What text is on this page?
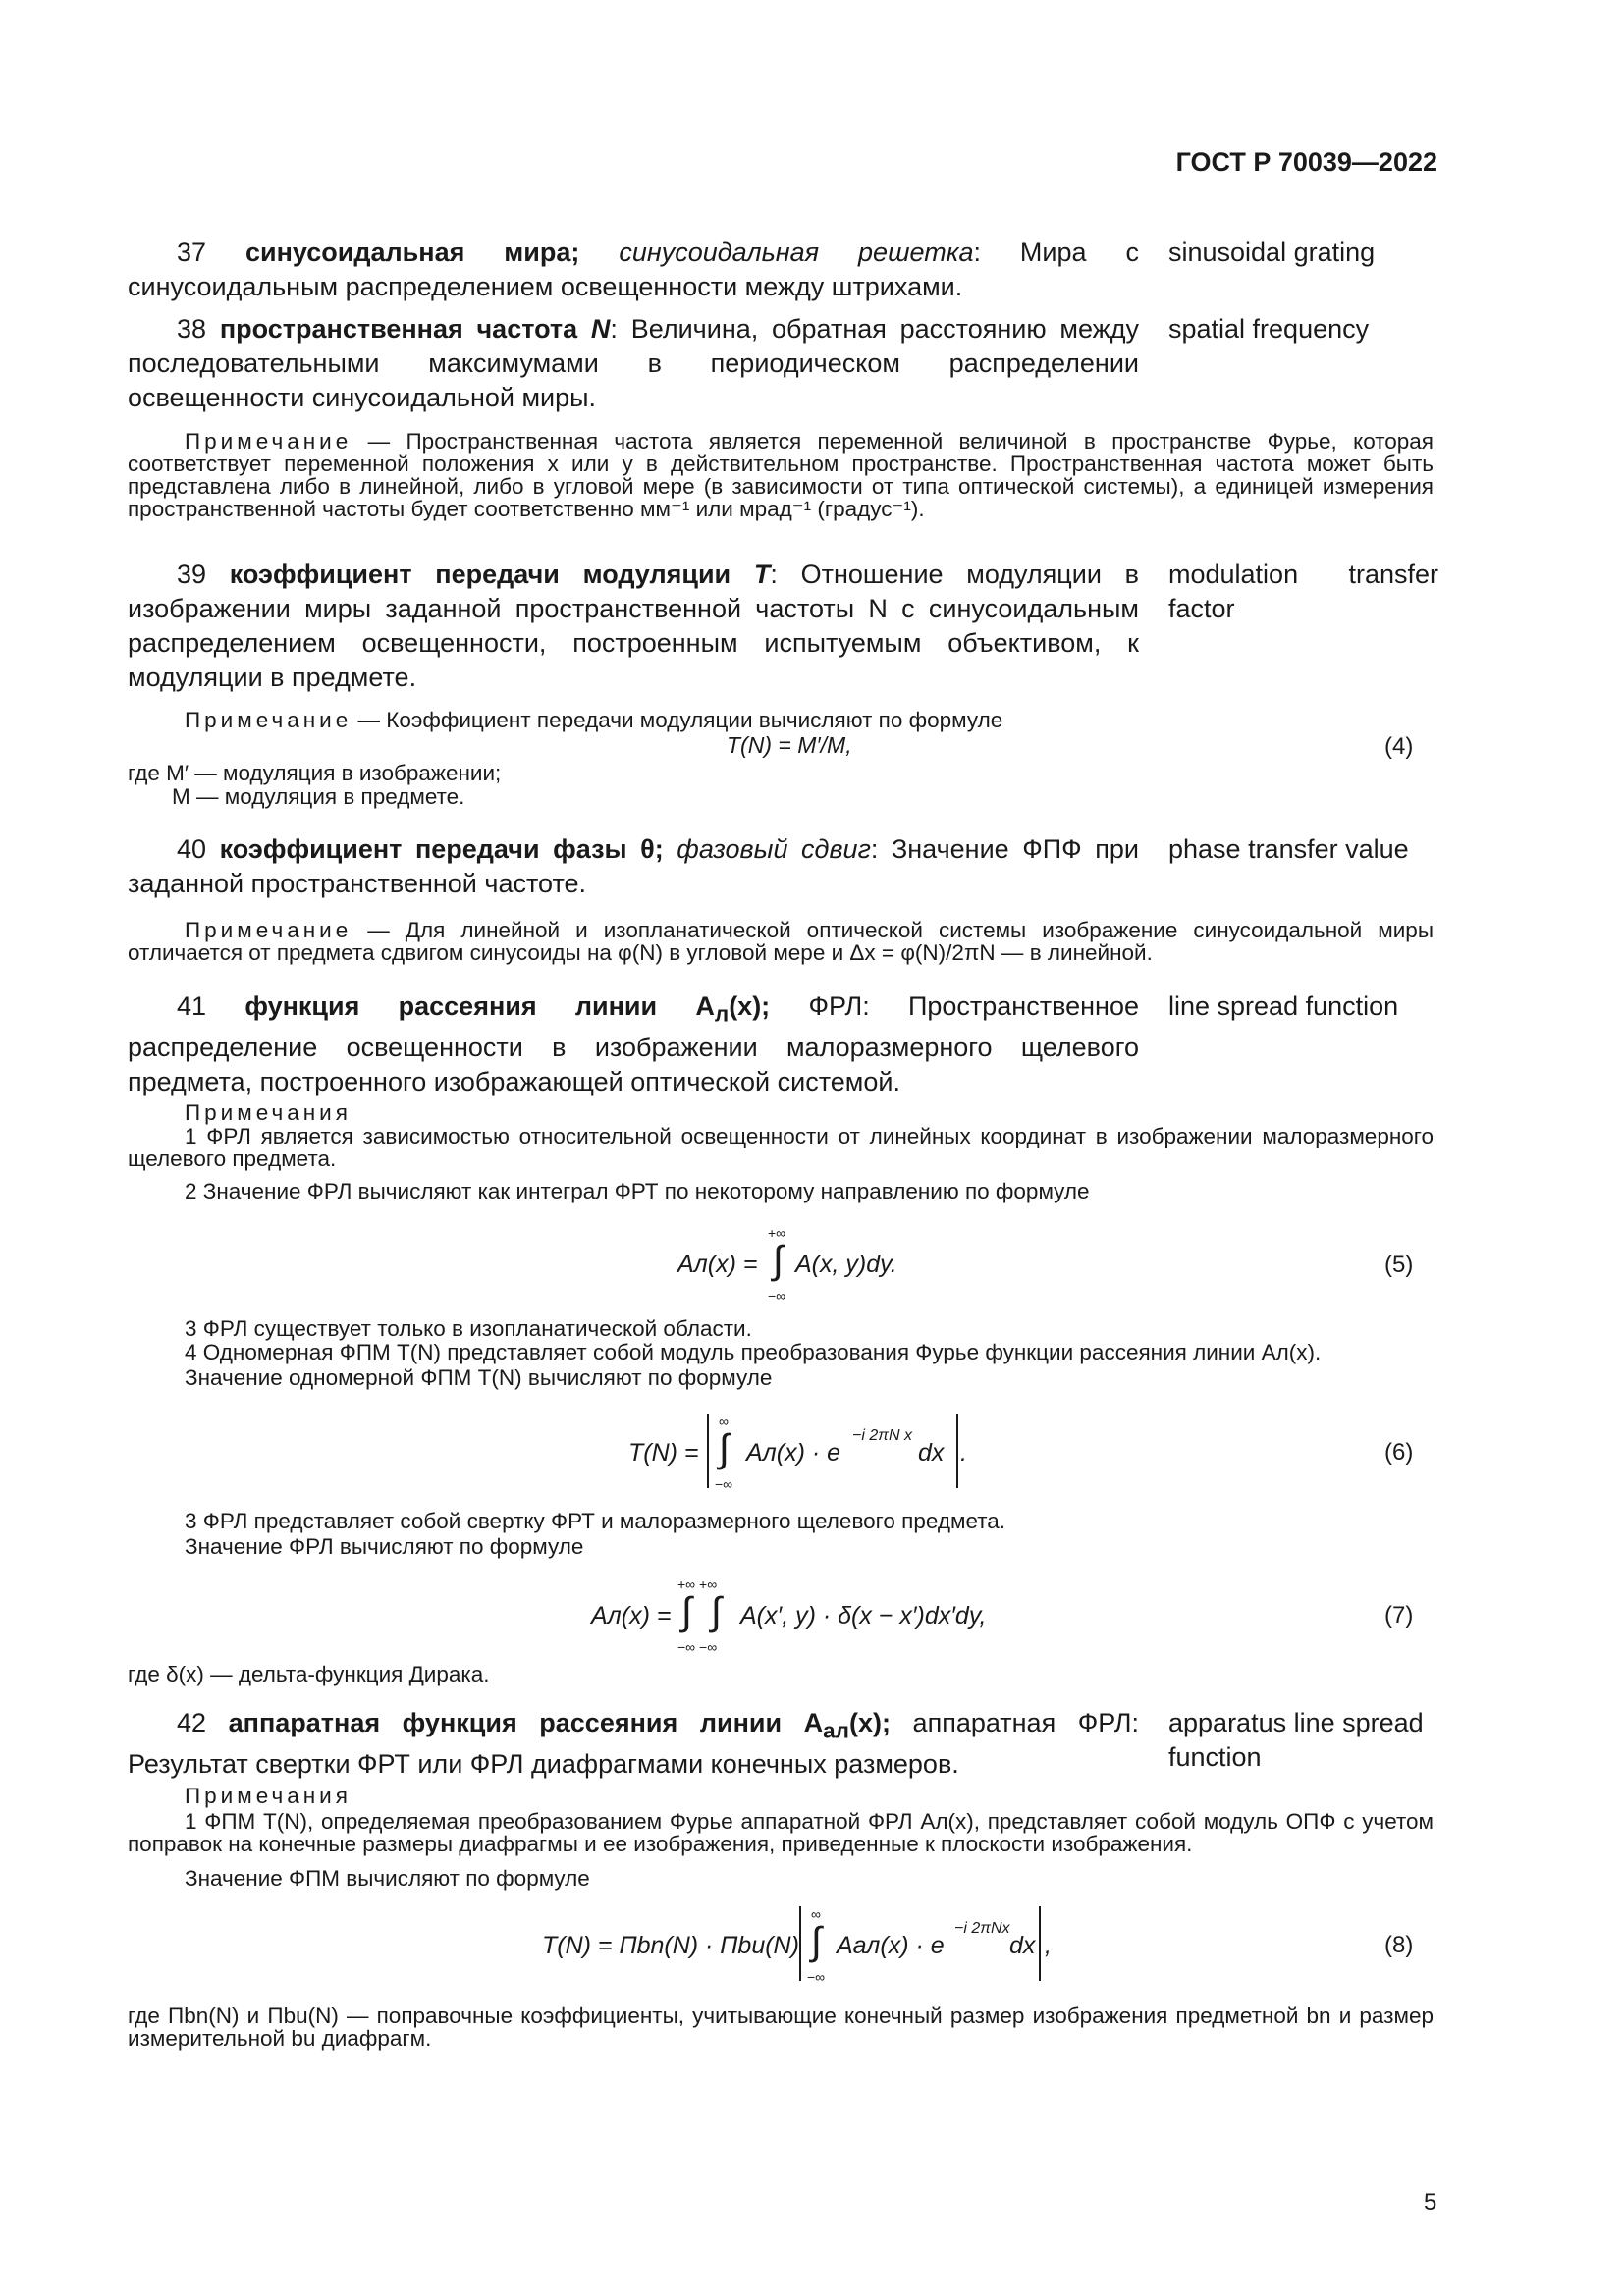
ГОСТ Р 70039—2022
37 синусоидальная мира; синусоидальная решетка: Мира с синусоидальным распределением освещенности между штрихами.
sinusoidal grating
38 пространственная частота N: Величина, обратная расстоянию между последовательными максимумами в периодическом распределении освещенности синусоидальной миры.
spatial frequency
Примечание — Пространственная частота является переменной величиной в пространстве Фурье, которая соответствует переменной положения x или y в действительном пространстве. Пространственная частота может быть представлена либо в линейной, либо в угловой мере (в зависимости от типа оптической системы), а единицей измерения пространственной частоты будет соответственно мм⁻¹ или мрад⁻¹ (градус⁻¹).
39 коэффициент передачи модуляции T: Отношение модуляции в изображении миры заданной пространственной частоты N с синусоидальным распределением освещенности, построенным испытуемым объективом, к модуляции в предмете.
modulation transfer factor
Примечание — Коэффициент передачи модуляции вычисляют по формуле
T(N) = M′/M,	(4)
где M′ — модуляция в изображении;
M — модуляция в предмете.
40 коэффициент передачи фазы θ; фазовый сдвиг: Значение ФПФ при заданной пространственной частоте.
phase transfer value
Примечание — Для линейной и изопланатической оптической системы изображение синусоидальной миры отличается от предмета сдвигом синусоиды на φ(N) в угловой мере и Δx = φ(N)/2πN — в линейной.
41 функция рассеяния линии $A_л(x)$; ФРЛ: Пространственное распределение освещенности в изображении малоразмерного щелевого предмета, построенного изображающей оптической системой.
line spread function
Примечания
1 ФРЛ является зависимостью относительной освещенности от линейных координат в изображении малоразмерного щелевого предмета.
2 Значение ФРЛ вычисляют как интеграл ФРТ по некоторому направлению по формуле
Aл(x) =
+∞
∫
−∞
A(x, y)dy.	(5)
3 ФРЛ существует только в изопланатической области.
4 Одномерная ФПМ T(N) представляет собой модуль преобразования Фурье функции рассеяния линии Aл(x).
Значение одномерной ФПМ T(N) вычисляют по формуле
T(N) =
∞
∫
−∞
Aл(x) · e
−i 2πN x
dx .	(6)
3 ФРЛ представляет собой свертку ФРТ и малоразмерного щелевого предмета.
Значение ФРЛ вычисляют по формуле
Aл(x) =
+∞ +∞
∫ ∫
−∞ −∞
A(x′, y) · δ(x − x′)dx′dy,	(7)
где δ(x) — дельта-функция Дирака.
42 аппаратная функция рассеяния линии $A_{ал}(x)$; аппаратная ФРЛ: Результат свертки ФРТ или ФРЛ диафрагмами конечных размеров.
apparatus line spread function
Примечания
1 ФПМ T(N), определяемая преобразованием Фурье аппаратной ФРЛ Aл(x), представляет собой модуль ОПФ с учетом поправок на конечные размеры диафрагмы и ее изображения, приведенные к плоскости изображения.
Значение ФПМ вычисляют по формуле
T(N) = Πbn(N) · Πbu(N)
∞
∫
−∞
Aал(x) · e
−i 2πNx
dx ,	(8)
где Πbn(N) и Πbu(N) — поправочные коэффициенты, учитывающие конечный размер изображения предметной bn и размер измерительной bu диафрагм.
5
